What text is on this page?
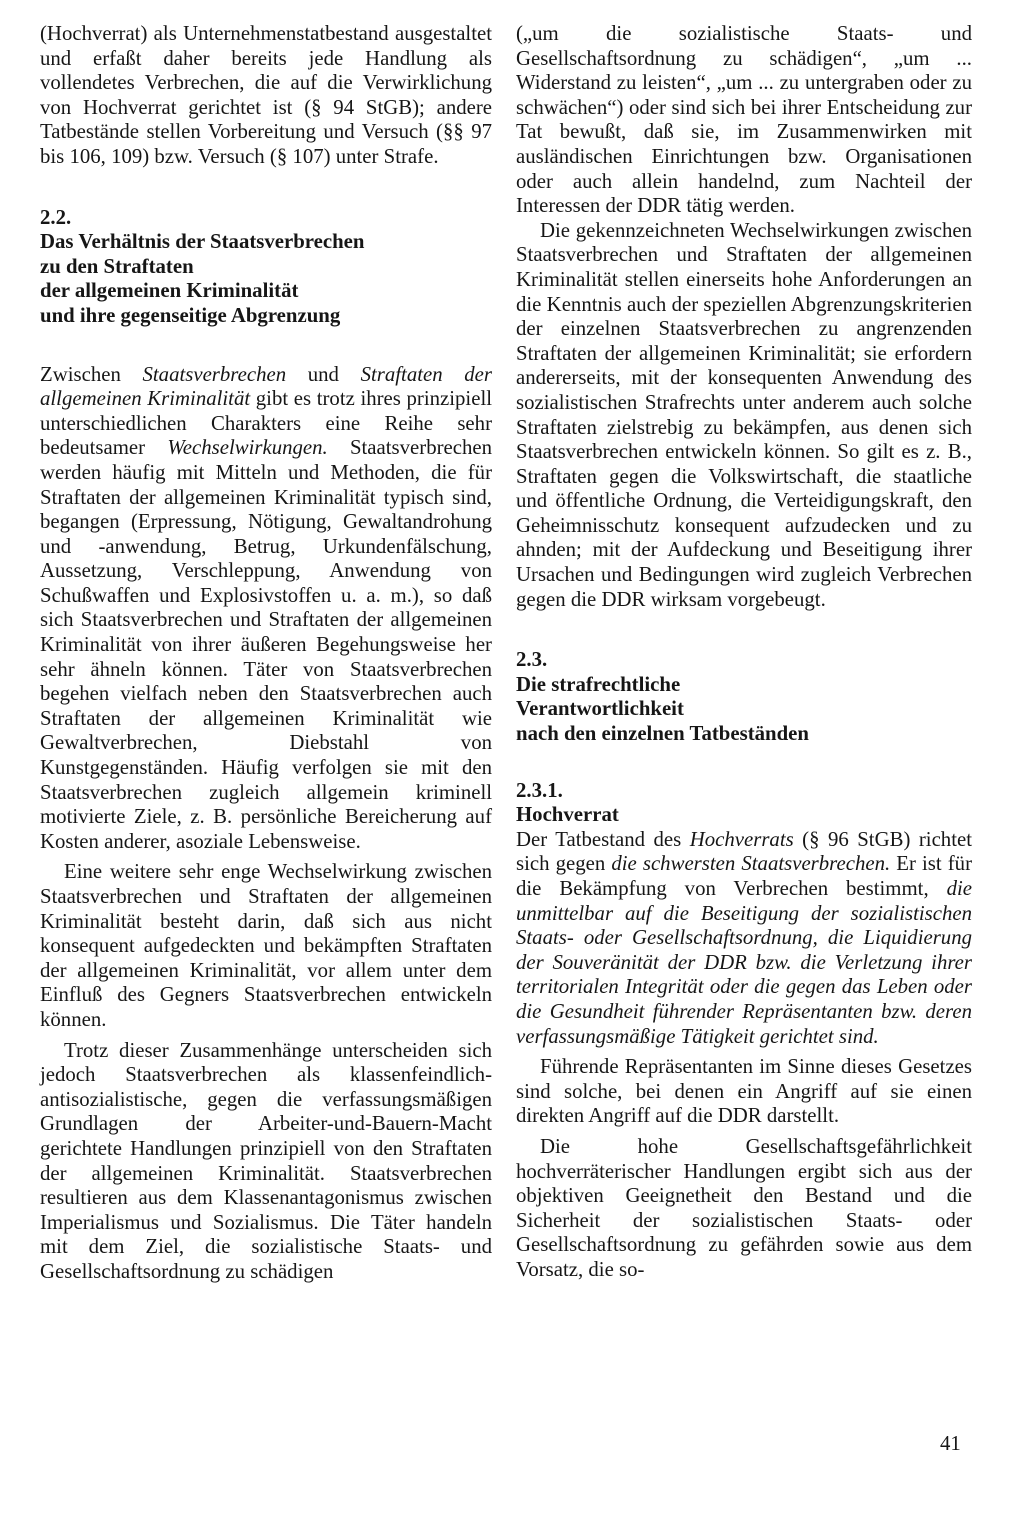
(Hochverrat) als Unternehmenstatbestand ausgestaltet und erfaßt daher bereits jede Handlung als vollendetes Verbrechen, die auf die Verwirklichung von Hochverrat gerichtet ist (§ 94 StGB); andere Tatbestände stellen Vorbereitung und Versuch (§§ 97 bis 106, 109) bzw. Versuch (§ 107) unter Strafe.

2.2.
Das Verhältnis der Staatsverbrechen
zu den Straftaten
der allgemeinen Kriminalität
und ihre gegenseitige Abgrenzung

Zwischen Staatsverbrechen und Straftaten der allgemeinen Kriminalität gibt es trotz ihres prinzipiell unterschiedlichen Charakters eine Reihe sehr bedeutsamer Wechselwirkungen. Staatsverbrechen werden häufig mit Mitteln und Methoden, die für Straftaten der allgemeinen Kriminalität typisch sind, begangen (Erpressung, Nötigung, Gewaltandrohung und -anwendung, Betrug, Urkundenfälschung, Aussetzung, Verschleppung, Anwendung von Schußwaffen und Explosivstoffen u. a. m.), so daß sich Staatsverbrechen und Straftaten der allgemeinen Kriminalität von ihrer äußeren Begehungsweise her sehr ähneln können. Täter von Staatsverbrechen begehen vielfach neben den Staatsverbrechen auch Straftaten der allgemeinen Kriminalität wie Gewaltverbrechen, Diebstahl von Kunstgegenständen. Häufig verfolgen sie mit den Staatsverbrechen zugleich allgemein kriminell motivierte Ziele, z. B. persönliche Bereicherung auf Kosten anderer, asoziale Lebensweise.

Eine weitere sehr enge Wechselwirkung zwischen Staatsverbrechen und Straftaten der allgemeinen Kriminalität besteht darin, daß sich aus nicht konsequent aufgedeckten und bekämpften Straftaten der allgemeinen Kriminalität, vor allem unter dem Einfluß des Gegners Staatsverbrechen entwickeln können.

Trotz dieser Zusammenhänge unterscheiden sich jedoch Staatsverbrechen als klassenfeindlich-antisozialistische, gegen die verfassungsmäßigen Grundlagen der Arbeiter-und-Bauern-Macht gerichtete Handlungen prinzipiell von den Straftaten der allgemeinen Kriminalität. Staatsverbrechen resultieren aus dem Klassenantagonismus zwischen Imperialismus und Sozialismus. Die Täter handeln mit dem Ziel, die sozialistische Staats- und Gesellschaftsordnung zu schädigen

(„um die sozialistische Staats- und Gesellschaftsordnung zu schädigen“, „um ... Widerstand zu leisten“, „um ... zu untergraben oder zu schwächen“) oder sind sich bei ihrer Entscheidung zur Tat bewußt, daß sie, im Zusammenwirken mit ausländischen Einrichtungen bzw. Organisationen oder auch allein handelnd, zum Nachteil der Interessen der DDR tätig werden.

Die gekennzeichneten Wechselwirkungen zwischen Staatsverbrechen und Straftaten der allgemeinen Kriminalität stellen einerseits hohe Anforderungen an die Kenntnis auch der speziellen Abgrenzungskriterien der einzelnen Staatsverbrechen zu angrenzenden Straftaten der allgemeinen Kriminalität; sie erfordern andererseits, mit der konsequenten Anwendung des sozialistischen Strafrechts unter anderem auch solche Straftaten zielstrebig zu bekämpfen, aus denen sich Staatsverbrechen entwickeln können. So gilt es z. B., Straftaten gegen die Volkswirtschaft, die staatliche und öffentliche Ordnung, die Verteidigungskraft, den Geheimnisschutz konsequent aufzudecken und zu ahnden; mit der Aufdeckung und Beseitigung ihrer Ursachen und Bedingungen wird zugleich Verbrechen gegen die DDR wirksam vorgebeugt.

2.3.
Die strafrechtliche
Verantwortlichkeit
nach den einzelnen Tatbeständen
2.3.1.
Hochverrat

Der Tatbestand des Hochverrats (§ 96 StGB) richtet sich gegen die schwersten Staatsverbrechen. Er ist für die Bekämpfung von Verbrechen bestimmt, die unmittelbar auf die Beseitigung der sozialistischen Staats- oder Gesellschaftsordnung, die Liquidierung der Souveränität der DDR bzw. die Verletzung ihrer territorialen Integrität oder die gegen das Leben oder die Gesundheit führender Repräsentanten bzw. deren verfassungsmäßige Tätigkeit gerichtet sind.

Führende Repräsentanten im Sinne dieses Gesetzes sind solche, bei denen ein Angriff auf sie einen direkten Angriff auf die DDR darstellt.

Die hohe Gesellschaftsgefährlichkeit hochverräterischer Handlungen ergibt sich aus der objektiven Geeignetheit den Bestand und die Sicherheit der sozialistischen Staats- oder Gesellschaftsordnung zu gefährden sowie aus dem Vorsatz, die so-

41
